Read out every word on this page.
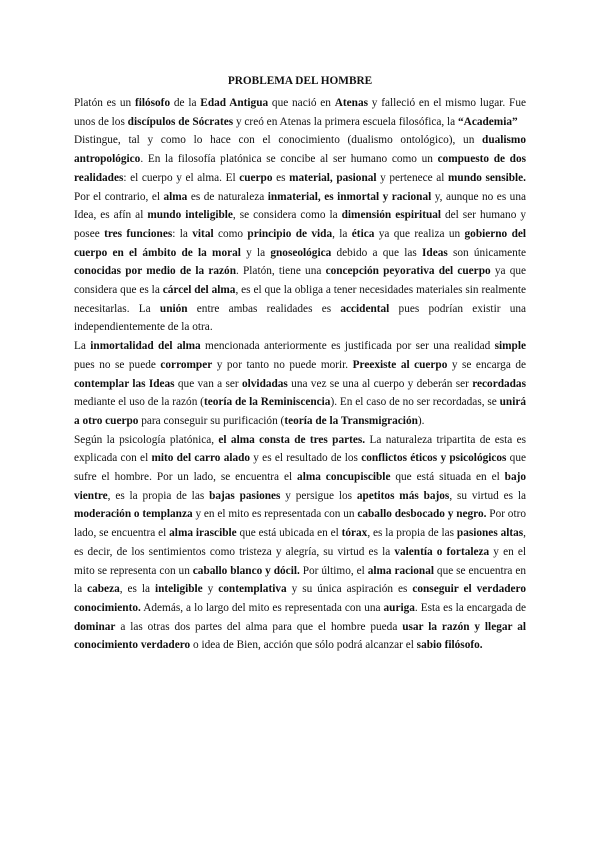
PROBLEMA DEL HOMBRE

Platón es un filósofo de la Edad Antigua que nació en Atenas y falleció en el mismo lugar. Fue unos de los discípulos de Sócrates y creó en Atenas la primera escuela filosófica, la “Academia”

Distingue, tal y como lo hace con el conocimiento (dualismo ontológico), un dualismo antropológico. En la filosofía platónica se concibe al ser humano como un compuesto de dos realidades: el cuerpo y el alma. El cuerpo es material, pasional y pertenece al mundo sensible. Por el contrario, el alma es de naturaleza inmaterial, es inmortal y racional y, aunque no es una Idea, es afín al mundo inteligible, se considera como la dimensión espiritual del ser humano y posee tres funciones: la vital como principio de vida, la ética ya que realiza un gobierno del cuerpo en el ámbito de la moral y la gnoseológica debido a que las Ideas son únicamente conocidas por medio de la razón. Platón, tiene una concepción peyorativa del cuerpo ya que considera que es la cárcel del alma, es el que la obliga a tener necesidades materiales sin realmente necesitarlas. La unión entre ambas realidades es accidental pues podrían existir una independientemente de la otra.

La inmortalidad del alma mencionada anteriormente es justificada por ser una realidad simple pues no se puede corromper y por tanto no puede morir. Preexiste al cuerpo y se encarga de contemplar las Ideas que van a ser olvidadas una vez se una al cuerpo y deberán ser recordadas mediante el uso de la razón (teoría de la Reminiscencia). En el caso de no ser recordadas, se unirá a otro cuerpo para conseguir su purificación (teoría de la Transmigración).

Según la psicología platónica, el alma consta de tres partes. La naturaleza tripartita de esta es explicada con el mito del carro alado y es el resultado de los conflictos éticos y psicológicos que sufre el hombre. Por un lado, se encuentra el alma concupiscible que está situada en el bajo vientre, es la propia de las bajas pasiones y persigue los apetitos más bajos, su virtud es la moderación o templanza y en el mito es representada con un caballo desbocado y negro. Por otro lado, se encuentra el alma irascible que está ubicada en el tórax, es la propia de las pasiones altas, es decir, de los sentimientos como tristeza y alegría, su virtud es la valentía o fortaleza y en el mito se representa con un caballo blanco y dócil. Por último, el alma racional que se encuentra en la cabeza, es la inteligible y contemplativa y su única aspiración es conseguir el verdadero conocimiento. Además, a lo largo del mito es representada con una auriga. Esta es la encargada de dominar a las otras dos partes del alma para que el hombre pueda usar la razón y llegar al conocimiento verdadero o idea de Bien, acción que sólo podrá alcanzar el sabio filósofo.
